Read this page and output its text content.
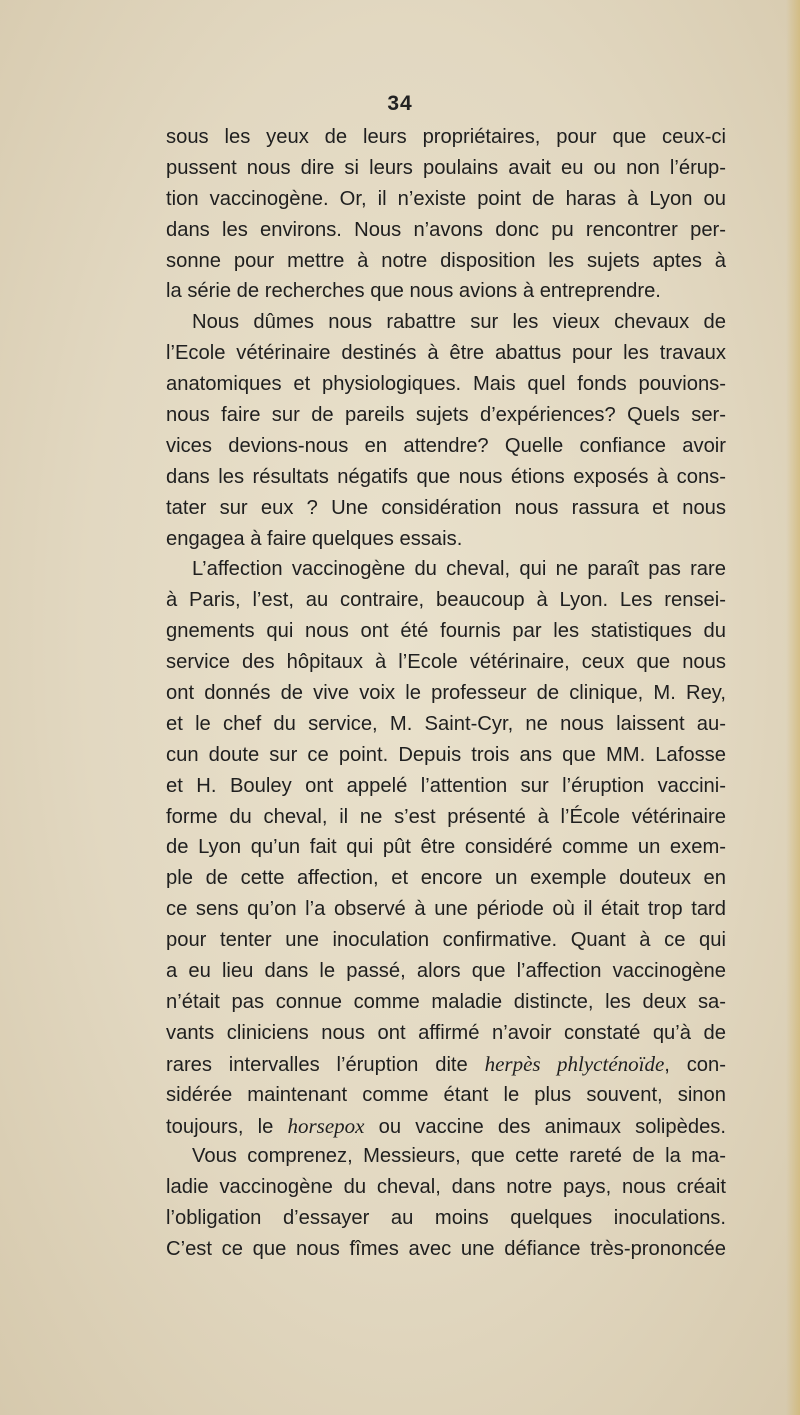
34
sous les yeux de leurs propriétaires, pour que ceux-ci
pussent nous dire si leurs poulains avait eu ou non l’érup-
tion vaccinogène. Or, il n’existe point de haras à Lyon ou
dans les environs. Nous n’avons donc pu rencontrer per-
sonne pour mettre à notre disposition les sujets aptes à
la série de recherches que nous avions à entreprendre.
Nous dûmes nous rabattre sur les vieux chevaux de
l’Ecole vétérinaire destinés à être abattus pour les travaux
anatomiques et physiologiques. Mais quel fonds pouvions-
nous faire sur de pareils sujets d’expériences? Quels ser-
vices devions-nous en attendre? Quelle confiance avoir
dans les résultats négatifs que nous étions exposés à cons-
tater sur eux ? Une considération nous rassura et nous
engagea à faire quelques essais.
L’affection vaccinogène du cheval, qui ne paraît pas rare
à Paris, l’est, au contraire, beaucoup à Lyon. Les rensei-
gnements qui nous ont été fournis par les statistiques du
service des hôpitaux à l’Ecole vétérinaire, ceux que nous
ont donnés de vive voix le professeur de clinique, M. Rey,
et le chef du service, M. Saint-Cyr, ne nous laissent au-
cun doute sur ce point. Depuis trois ans que MM. Lafosse
et H. Bouley ont appelé l’attention sur l’éruption vaccini-
forme du cheval, il ne s’est présenté à l’École vétérinaire
de Lyon qu’un fait qui pût être considéré comme un exem-
ple de cette affection, et encore un exemple douteux en
ce sens qu’on l’a observé à une période où il était trop tard
pour tenter une inoculation confirmative. Quant à ce qui
a eu lieu dans le passé, alors que l’affection vaccinogène
n’était pas connue comme maladie distincte, les deux sa-
vants cliniciens nous ont affirmé n’avoir constaté qu’à de
rares intervalles l’éruption dite herpès phlycténoïde, con-
sidérée maintenant comme étant le plus souvent, sinon
toujours, le horsepox ou vaccine des animaux solipèdes.
Vous comprenez, Messieurs, que cette rareté de la ma-
ladie vaccinogène du cheval, dans notre pays, nous créait
l’obligation d’essayer au moins quelques inoculations.
C’est ce que nous fîmes avec une défiance très-prononcée
